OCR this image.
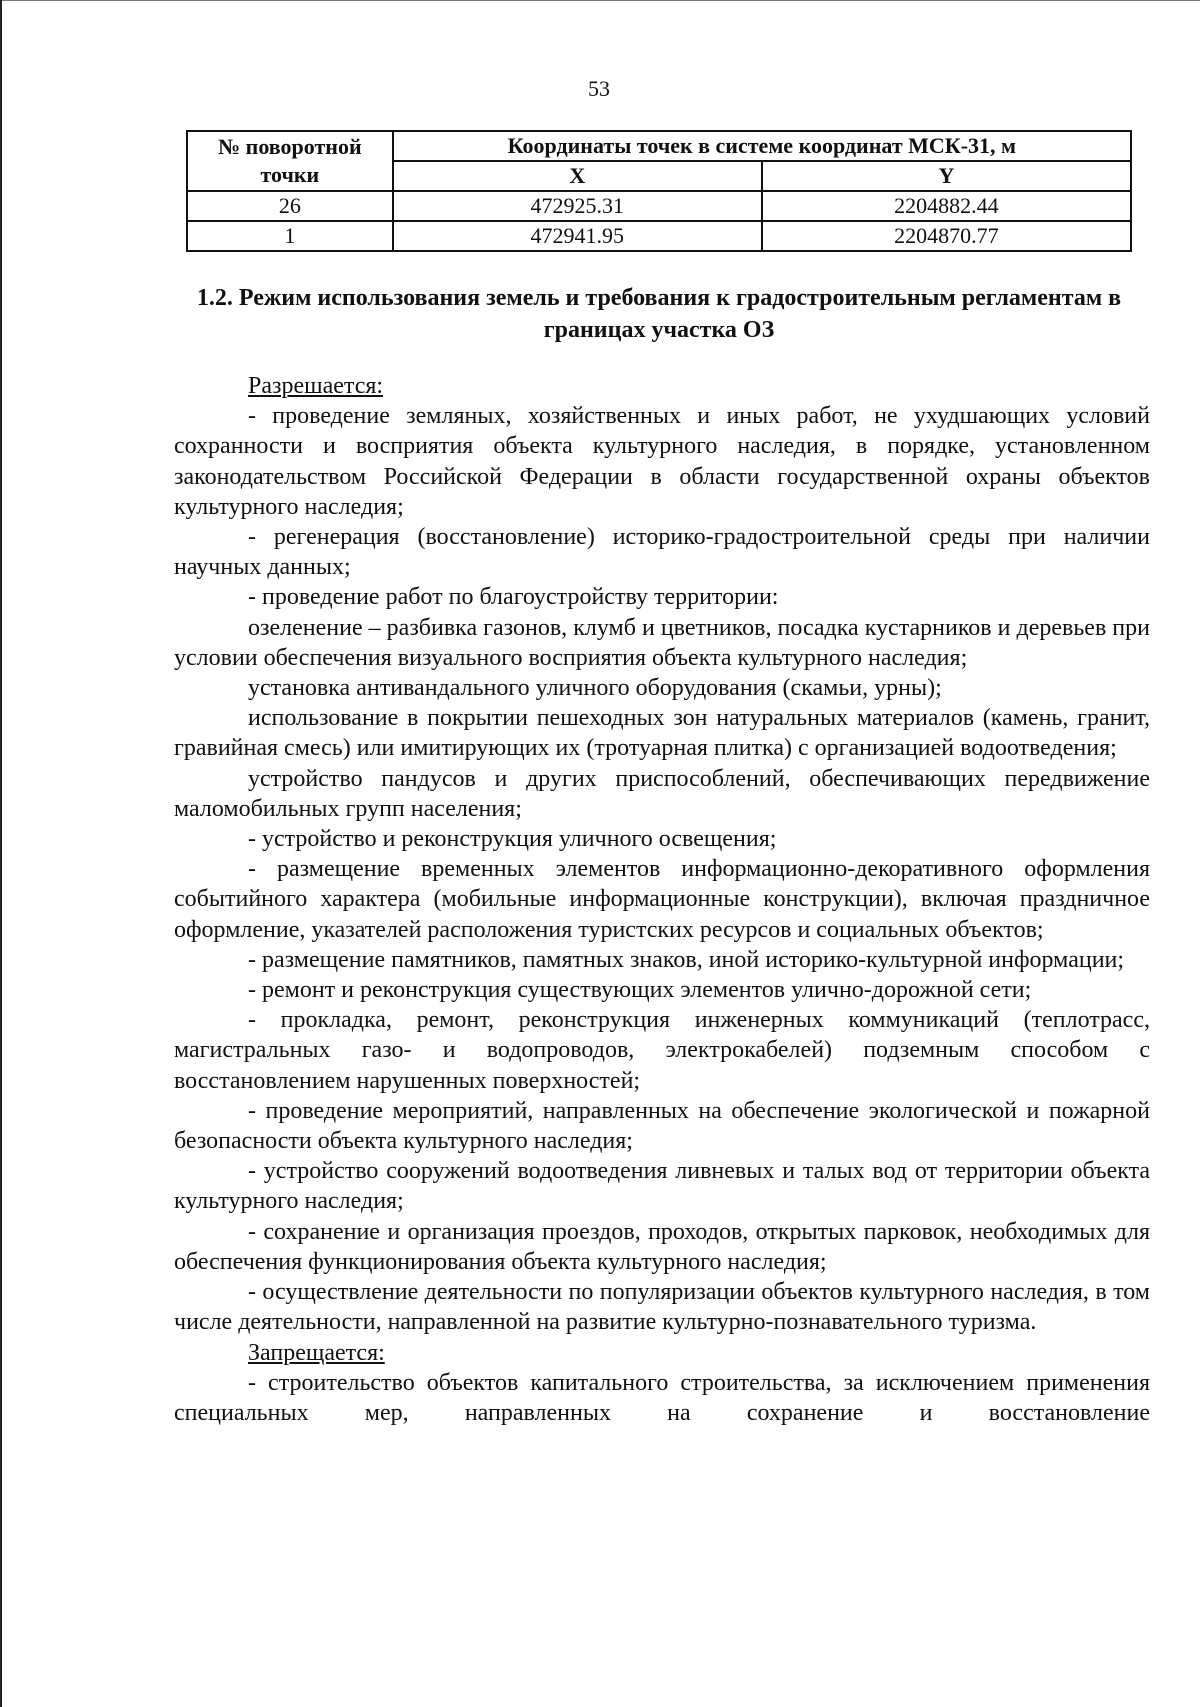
53
№ поворотной точки	Координаты точек в системе координат МСК-31, м	
	X	Y
26	472925.31	2204882.44
1	472941.95	2204870.77
1.2. Режим использования земель и требования к градостроительным регламентам в границах участка ОЗ

Разрешается:

- проведение земляных, хозяйственных и иных работ, не ухудшающих условий сохранности и восприятия объекта культурного наследия, в порядке, установленном законодательством Российской Федерации в области государственной охраны объектов культурного наследия;

- регенерация (восстановление) историко-градостроительной среды при наличии научных данных;

- проведение работ по благоустройству территории:

озеленение – разбивка газонов, клумб и цветников, посадка кустарников и деревьев при условии обеспечения визуального восприятия объекта культурного наследия;

установка антивандального уличного оборудования (скамьи, урны);

использование в покрытии пешеходных зон натуральных материалов (камень, гранит, гравийная смесь) или имитирующих их (тротуарная плитка) с организацией водоотведения;

устройство пандусов и других приспособлений, обеспечивающих передвижение маломобильных групп населения;

- устройство и реконструкция уличного освещения;

- размещение временных элементов информационно-декоративного оформления событийного характера (мобильные информационные конструкции), включая праздничное оформление, указателей расположения туристских ресурсов и социальных объектов;

- размещение памятников, памятных знаков, иной историко-культурной информации;

- ремонт и реконструкция существующих элементов улично-дорожной сети;

- прокладка, ремонт, реконструкция инженерных коммуникаций (теплотрасс, магистральных газо- и водопроводов, электрокабелей) подземным способом с восстановлением нарушенных поверхностей;

- проведение мероприятий, направленных на обеспечение экологической и пожарной безопасности объекта культурного наследия;

- устройство сооружений водоотведения ливневых и талых вод от территории объекта культурного наследия;

- сохранение и организация проездов, проходов, открытых парковок, необходимых для обеспечения функционирования объекта культурного наследия;

- осуществление деятельности по популяризации объектов культурного наследия, в том числе деятельности, направленной на развитие культурно-познавательного туризма.

Запрещается:

- строительство объектов капитального строительства, за исключением применения специальных мер, направленных на сохранение и восстановление
